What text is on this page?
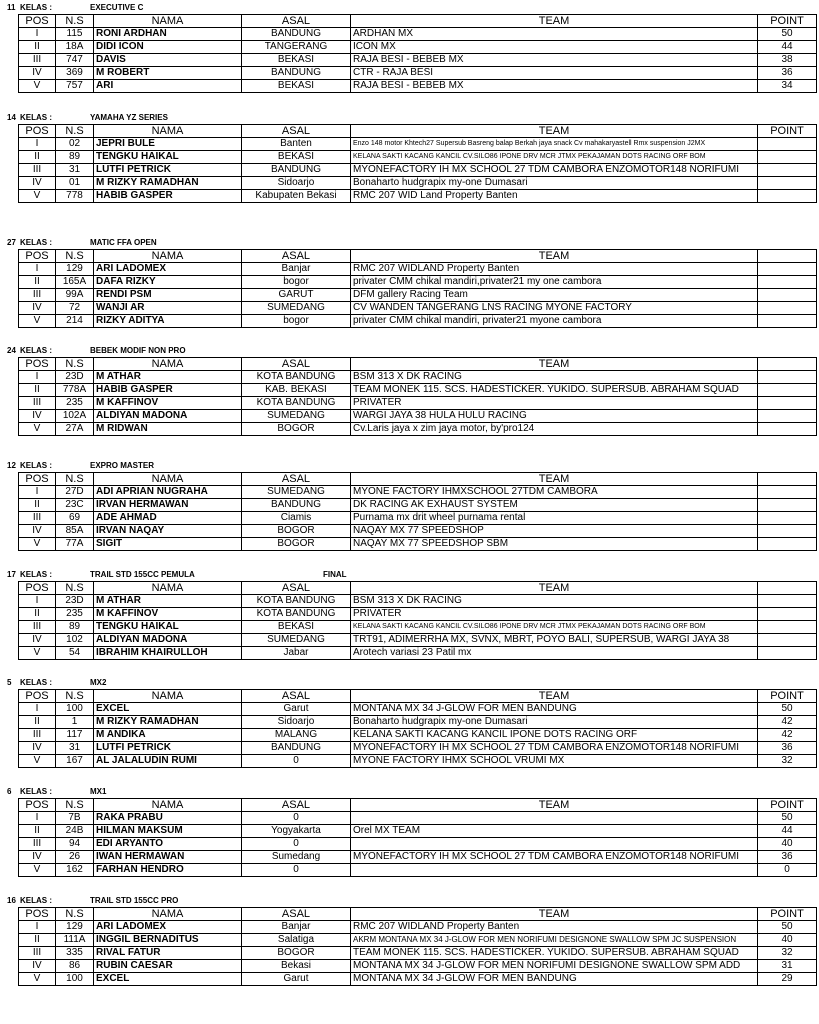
11 KELAS :	EXECUTIVE C
POS	N.S	NAMA	ASAL	TEAM	POINT
I	115	RONI ARDHAN	BANDUNG	ARDHAN MX	50
II	18A	DIDI ICON	TANGERANG	ICON MX	44
III	747	DAVIS	BEKASI	RAJA BESI - BEBEB MX	38
IV	369	M ROBERT	BANDUNG	CTR - RAJA BESI	36
V	757	ARI	BEKASI	RAJA BESI - BEBEB MX	34
14 KELAS :	YAMAHA YZ SERIES
POS	N.S	NAMA	ASAL	TEAM	POINT
I	02	JEPRI BULE	Banten	Enzo 148 motor Khtech27 Supersub Basreng balap Berkah jaya snack Cv mahakaryastell Rmx suspension J2MX	
II	89	TENGKU HAIKAL	BEKASI	KELANA SAKTI KACANG KANCIL CV.SILO86 IPONE DRV MCR JTMX PEKAJAMAN DOTS RACING ORF BOM	
III	31	LUTFI PETRICK	BANDUNG	MYONEFACTORY IH MX SCHOOL 27 TDM CAMBORA ENZOMOTOR148 NORIFUMI	
IV	01	M RIZKY RAMADHAN	Sidoarjo	Bonaharto hudgrapix my-one Dumasari	
V	778	HABIB GASPER	Kabupaten Bekasi	RMC 207 WID Land Property Banten	
27 KELAS :	MATIC FFA OPEN
POS	N.S	NAMA	ASAL	TEAM	
I	129	ARI LADOMEX	Banjar	RMC 207 WIDLAND Property Banten	
II	165A	DAFA RIZKY	bogor	privater CMM chikal mandiri,privater21 my one cambora	
III	99A	RENDI PSM	GARUT	DFM gallery Racing Team	
IV	72	WANJI AR	SUMEDANG	CV WANDEN TANGERANG LNS RACING MYONE FACTORY	
V	214	RIZKY ADITYA	bogor	privater CMM chikal mandiri, privater21 myone cambora	
24 KELAS :	BEBEK MODIF NON PRO
POS	N.S	NAMA	ASAL	TEAM	
I	23D	M ATHAR	KOTA BANDUNG	BSM 313 X DK RACING	
II	778A	HABIB GASPER	KAB. BEKASI	TEAM MONEK 115. SCS. HADESTICKER. YUKIDO. SUPERSUB. ABRAHAM SQUAD	
III	235	M KAFFINOV	KOTA BANDUNG	PRIVATER	
IV	102A	ALDIYAN MADONA	SUMEDANG	WARGI JAYA 38 HULA HULU RACING	
V	27A	M RIDWAN	BOGOR	Cv.Laris jaya x zim jaya motor, by'pro124	
12 KELAS :	EXPRO MASTER
POS	N.S	NAMA	ASAL	TEAM	
I	27D	ADI APRIAN NUGRAHA	SUMEDANG	MYONE FACTORY IHMXSCHOOL 27TDM CAMBORA	
II	23C	IRVAN HERMAWAN	BANDUNG	DK RACING AK EXHAUST SYSTEM	
III	69	ADE AHMAD	Ciamis	Purnama mx drit wheel purnama rental	
IV	85A	IRVAN NAQAY	BOGOR	NAQAY MX 77 SPEEDSHOP	
V	77A	SIGIT	BOGOR	NAQAY MX 77 SPEEDSHOP SBM	
17 KELAS :	TRAIL STD 155CC PEMULA	FINAL
POS	N.S	NAMA	ASAL	TEAM	
I	23D	M ATHAR	KOTA BANDUNG	BSM 313 X DK RACING	
II	235	M KAFFINOV	KOTA BANDUNG	PRIVATER	
III	89	TENGKU HAIKAL	BEKASI	KELANA SAKTI KACANG KANCIL CV.SILO86 IPONE DRV MCR JTMX PEKAJAMAN DOTS RACING ORF BOM	
IV	102	ALDIYAN MADONA	SUMEDANG	TRT91, ADIMERRHA MX, SVNX, MBRT, POYO BALI, SUPERSUB, WARGI JAYA 38	
V	54	IBRAHIM KHAIRULLOH	Jabar	Arotech variasi 23 Patil mx	
5 KELAS :	MX2
POS	N.S	NAMA	ASAL	TEAM	POINT
I	100	EXCEL	Garut	MONTANA MX 34 J-GLOW FOR MEN BANDUNG	50
II	1	M RIZKY RAMADHAN	Sidoarjo	Bonaharto hudgrapix my-one Dumasari	42
III	117	M ANDIKA	MALANG	KELANA SAKTI KACANG KANCIL IPONE DOTS RACING ORF	42
IV	31	LUTFI PETRICK	BANDUNG	MYONEFACTORY IH MX SCHOOL 27 TDM CAMBORA ENZOMOTOR148 NORIFUMI	36
V	167	AL JALALUDIN RUMI	0	MYONE FACTORY IHMX SCHOOL VRUMI MX	32
6 KELAS :	MX1
POS	N.S	NAMA	ASAL	TEAM	POINT
I	7B	RAKA PRABU	0		50
II	24B	HILMAN MAKSUM	Yogyakarta	Orel MX TEAM	44
III	94	EDI ARYANTO	0		40
IV	26	IWAN HERMAWAN	Sumedang	MYONEFACTORY IH MX SCHOOL 27 TDM CAMBORA ENZOMOTOR148 NORIFUMI	36
V	162	FARHAN HENDRO	0		0
16 KELAS :	TRAIL STD 155CC PRO
POS	N.S	NAMA	ASAL	TEAM	POINT
I	129	ARI LADOMEX	Banjar	RMC 207 WIDLAND Property Banten	50
II	111A	INGGIL BERNADITUS	Salatiga	AKRM MONTANA MX 34 J-GLOW FOR MEN NORIFUMI DESIGNONE SWALLOW SPM JC SUSPENSION	40
III	335	RIVAL FATUR	BOGOR	TEAM MONEK 115. SCS. HADESTICKER. YUKIDO. SUPERSUB. ABRAHAM SQUAD	32
IV	86	RUBIN CAESAR	Bekasi	MONTANA MX 34 J-GLOW FOR MEN NORIFUMI DESIGNONE SWALLOW SPM ADD	31
V	100	EXCEL	Garut	MONTANA MX 34 J-GLOW FOR MEN BANDUNG	29
